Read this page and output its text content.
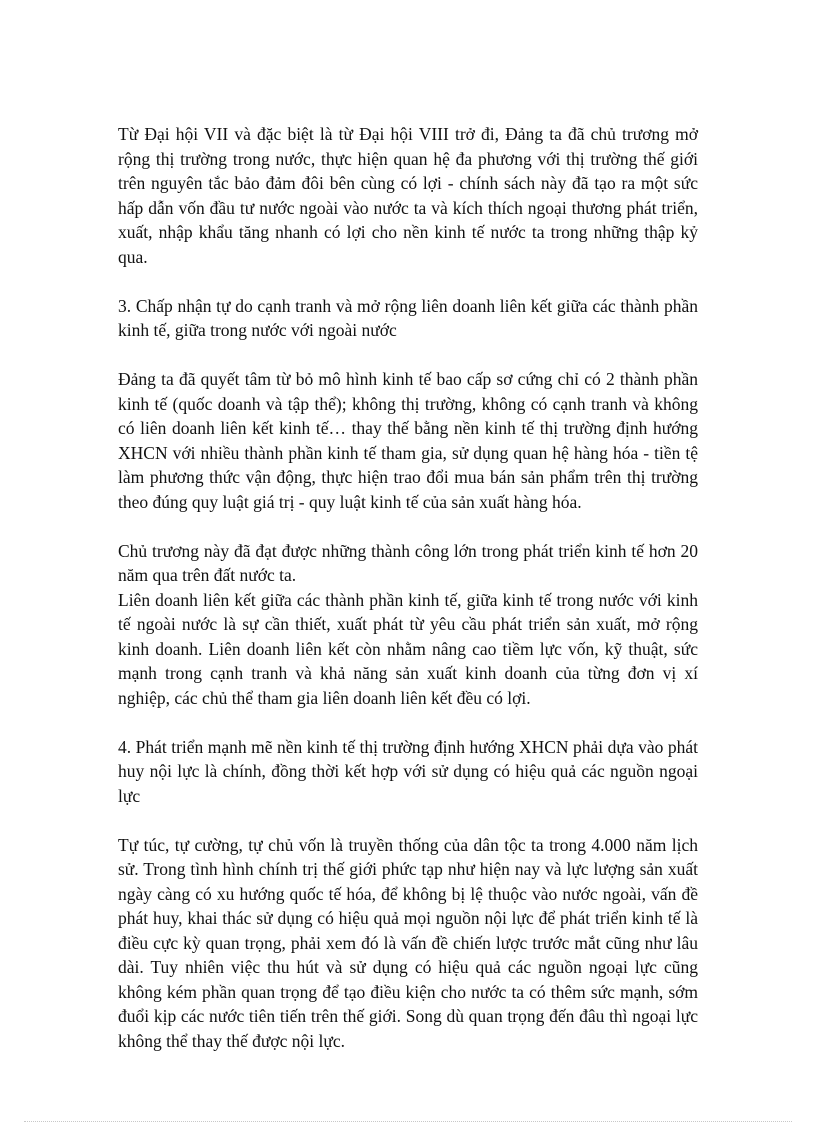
Từ Đại hội VII và đặc biệt là từ Đại hội VIII trở đi, Đảng ta đã chủ trương mở rộng thị trường trong nước, thực hiện quan hệ đa phương với thị trường thế giới trên nguyên tắc bảo đảm đôi bên cùng có lợi - chính sách này đã tạo ra một sức hấp dẫn vốn đầu tư nước ngoài vào nước ta và kích thích ngoại thương phát triển, xuất, nhập khẩu tăng nhanh có lợi cho nền kinh tế nước ta trong những thập kỷ qua.

3. Chấp nhận tự do cạnh tranh và mở rộng liên doanh liên kết giữa các thành phần kinh tế, giữa trong nước với ngoài nước

Đảng ta đã quyết tâm từ bỏ mô hình kinh tế bao cấp sơ cứng chỉ có 2 thành phần kinh tế (quốc doanh và tập thể); không thị trường, không có cạnh tranh và không có liên doanh liên kết kinh tế… thay thế bằng nền kinh tế thị trường định hướng XHCN với nhiều thành phần kinh tế tham gia, sử dụng quan hệ hàng hóa - tiền tệ làm phương thức vận động, thực hiện trao đổi mua bán sản phẩm trên thị trường theo đúng quy luật giá trị - quy luật kinh tế của sản xuất hàng hóa.

Chủ trương này đã đạt được những thành công lớn trong phát triển kinh tế hơn 20 năm qua trên đất nước ta.

Liên doanh liên kết giữa các thành phần kinh tế, giữa kinh tế trong nước với kinh tế ngoài nước là sự cần thiết, xuất phát từ yêu cầu phát triển sản xuất, mở rộng kinh doanh. Liên doanh liên kết còn nhằm nâng cao tiềm lực vốn, kỹ thuật, sức mạnh trong cạnh tranh và khả năng sản xuất kinh doanh của từng đơn vị xí nghiệp, các chủ thể tham gia liên doanh liên kết đều có lợi.

4. Phát triển mạnh mẽ nền kinh tế thị trường định hướng XHCN phải dựa vào phát huy nội lực là chính, đồng thời kết hợp với sử dụng có hiệu quả các nguồn ngoại lực

Tự túc, tự cường, tự chủ vốn là truyền thống của dân tộc ta trong 4.000 năm lịch sử. Trong tình hình chính trị thế giới phức tạp như hiện nay và lực lượng sản xuất ngày càng có xu hướng quốc tế hóa, để không bị lệ thuộc vào nước ngoài, vấn đề phát huy, khai thác sử dụng có hiệu quả mọi nguồn nội lực để phát triển kinh tế là điều cực kỳ quan trọng, phải xem đó là vấn đề chiến lược trước mắt cũng như lâu dài. Tuy nhiên việc thu hút và sử dụng có hiệu quả các nguồn ngoại lực cũng không kém phần quan trọng để tạo điều kiện cho nước ta có thêm sức mạnh, sớm đuổi kịp các nước tiên tiến trên thế giới. Song dù quan trọng đến đâu thì ngoại lực không thể thay thế được nội lực.
